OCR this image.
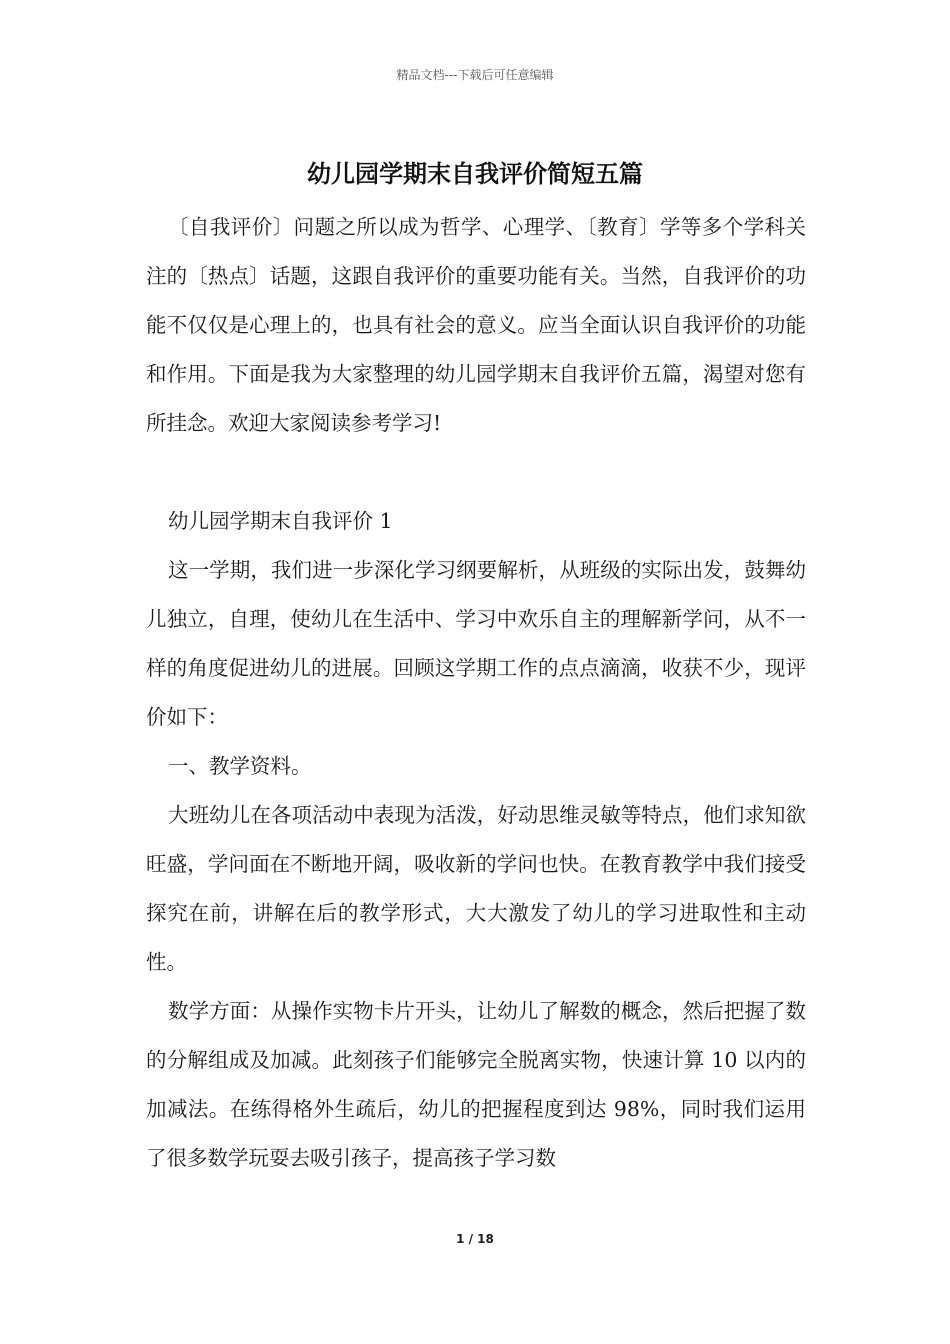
精品文档---下载后可任意编辑
幼儿园学期末自我评价简短五篇

〔自我评价〕问题之所以成为哲学、心理学、〔教育〕学等多个学科关注的〔热点〕话题，这跟自我评价的重要功能有关。当然，自我评价的功能不仅仅是心理上的，也具有社会的意义。应当全面认识自我评价的功能和作用。下面是我为大家整理的幼儿园学期末自我评价五篇，渴望对您有所挂念。欢迎大家阅读参考学习!

幼儿园学期末自我评价 1

这一学期，我们进一步深化学习纲要解析，从班级的实际出发，鼓舞幼儿独立，自理，使幼儿在生活中、学习中欢乐自主的理解新学问，从不一样的角度促进幼儿的进展。回顾这学期工作的点点滴滴，收获不少，现评价如下：

一、教学资料。

大班幼儿在各项活动中表现为活泼，好动思维灵敏等特点，他们求知欲旺盛，学问面在不断地开阔，吸收新的学问也快。在教育教学中我们接受探究在前，讲解在后的教学形式，大大激发了幼儿的学习进取性和主动性。

数学方面：从操作实物卡片开头，让幼儿了解数的概念，然后把握了数的分解组成及加减。此刻孩子们能够完全脱离实物，快速计算 10 以内的加减法。在练得格外生疏后，幼儿的把握程度到达 98%，同时我们运用了很多数学玩耍去吸引孩子，提高孩子学习数

1 / 18
